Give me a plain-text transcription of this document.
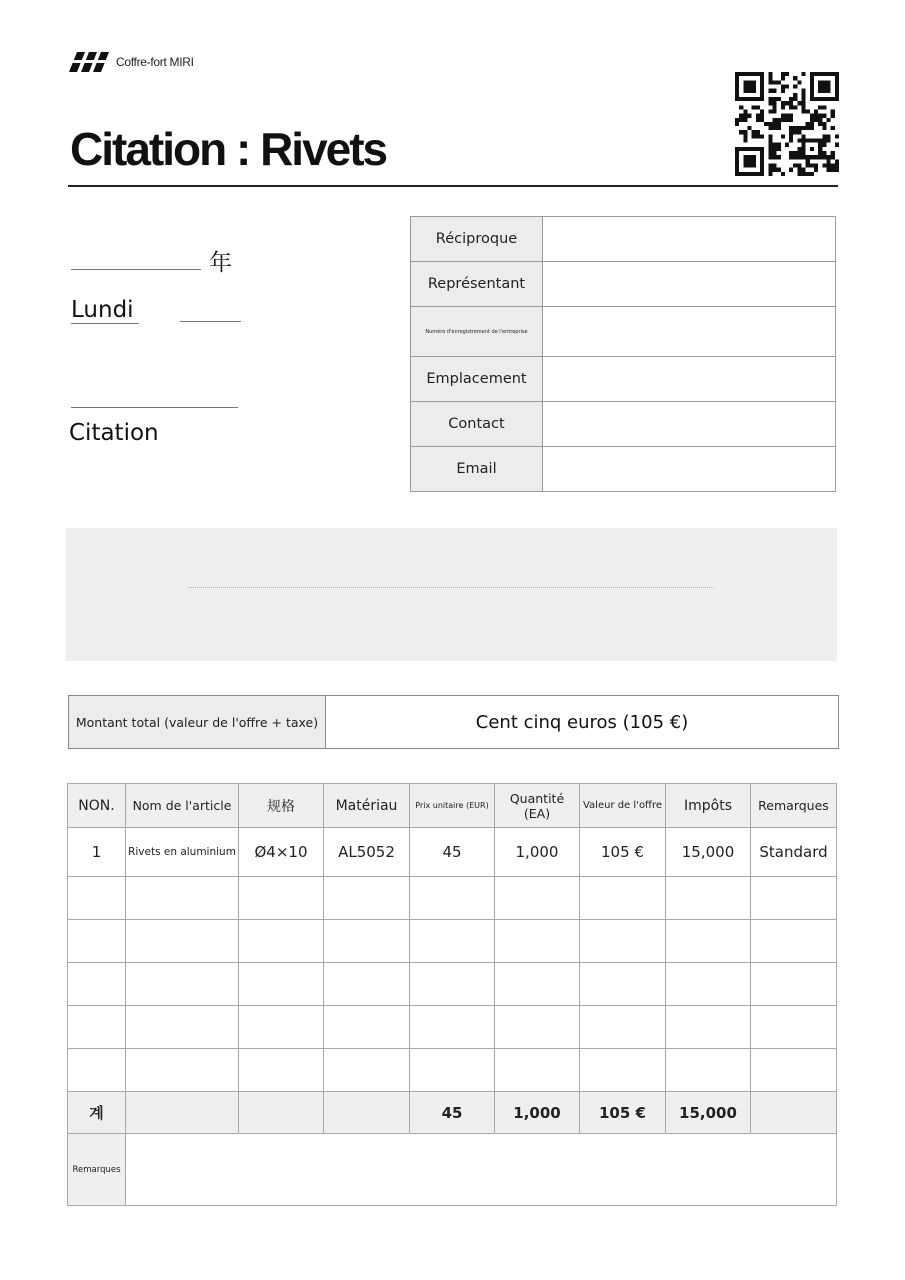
Coffre-fort MIRI
Citation : Rivets
年
Lundi
Citation
Réciproque	
Représentant	
Numéro d'enregistrement de l'entreprise	
Emplacement	
Contact	
Email	
Montant total (valeur de l'offre + taxe)	Cent cinq euros (105 €)
NON.	Nom de l'article	规格	Matériau	Prix unitaire (EUR)	Quantité (EA)	Valeur de l'offre	Impôts	Remarques
1	Rivets en aluminium	Ø4×10	AL5052	45	1,000	105 €	15,000	Standard

계				45	1,000	105 €	15,000	
Remarques								
